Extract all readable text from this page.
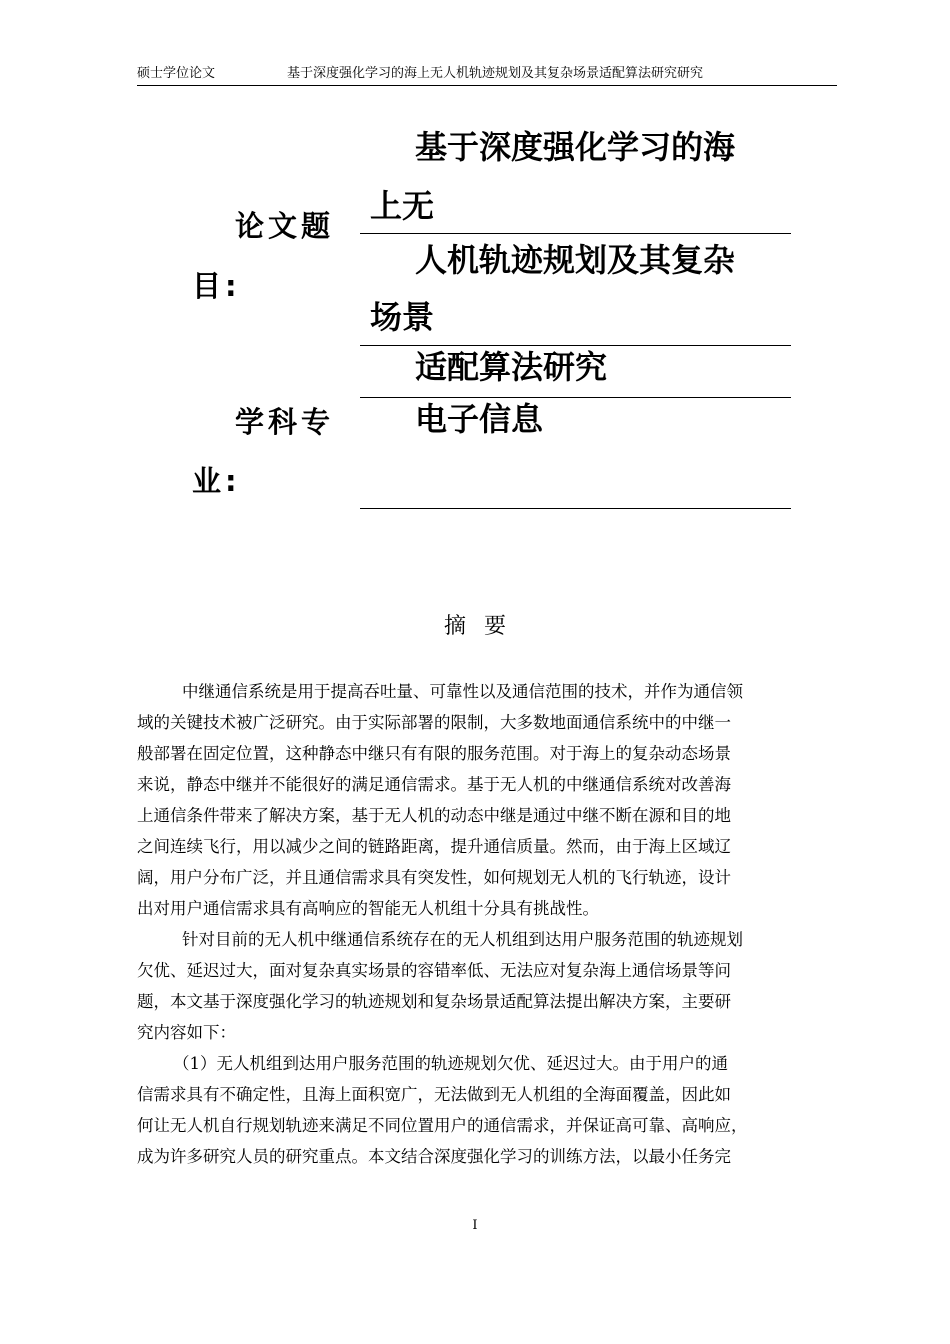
硕士学位论文	基于深度强化学习的海上无人机轨迹规划及其复杂场景适配算法研究研究
基于深度强化学习的海
上无
论文题
人机轨迹规划及其复杂
目:
场景
适配算法研究
学科专	电子信息
业:
摘要
中继通信系统是用于提高吞吐量、可靠性以及通信范围的技术，并作为通信领
域的关键技术被广泛研究。由于实际部署的限制，大多数地面通信系统中的中继一
般部署在固定位置，这种静态中继只有有限的服务范围。对于海上的复杂动态场景
来说，静态中继并不能很好的满足通信需求。基于无人机的中继通信系统对改善海
上通信条件带来了解决方案，基于无人机的动态中继是通过中继不断在源和目的地
之间连续飞行，用以减少之间的链路距离，提升通信质量。然而，由于海上区域辽
阔，用户分布广泛，并且通信需求具有突发性，如何规划无人机的飞行轨迹，设计
出对用户通信需求具有高响应的智能无人机组十分具有挑战性。
针对目前的无人机中继通信系统存在的无人机组到达用户服务范围的轨迹规划
欠优、延迟过大，面对复杂真实场景的容错率低、无法应对复杂海上通信场景等问
题，本文基于深度强化学习的轨迹规划和复杂场景适配算法提出解决方案，主要研
究内容如下：
（1）无人机组到达用户服务范围的轨迹规划欠优、延迟过大。由于用户的通
信需求具有不确定性，且海上面积宽广，无法做到无人机组的全海面覆盖，因此如
何让无人机自行规划轨迹来满足不同位置用户的通信需求，并保证高可靠、高响应，
成为许多研究人员的研究重点。本文结合深度强化学习的训练方法，以最小任务完
I
